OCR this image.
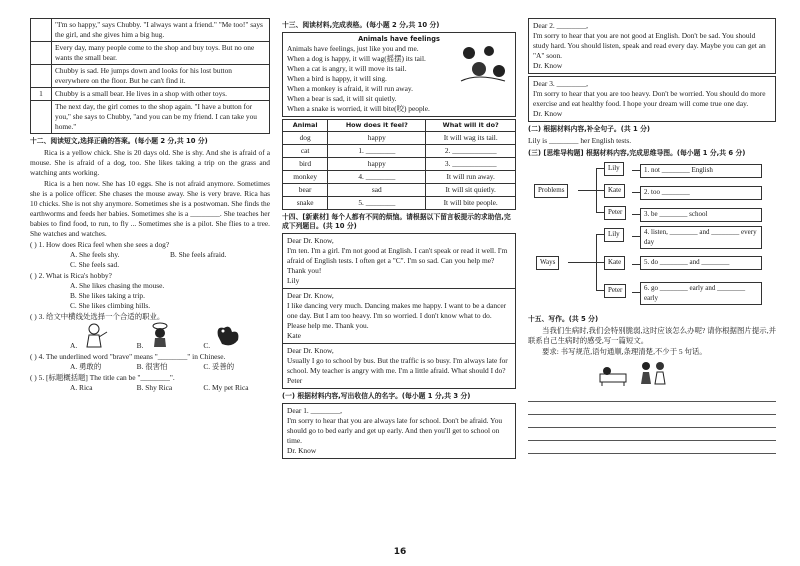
	"I'm so happy," says Chubby. "I always want a friend." "Me too!" says the girl, and she gives him a big hug.
	Every day, many people come to the shop and buy toys. But no one wants the small bear.
	Chubby is sad. He jumps down and looks for his lost button everywhere on the floor. But he can't find it.
1	Chubby is a small bear. He lives in a shop with other toys.
	The next day, the girl comes to the shop again. "I have a button for you," she says to Chubby, "and you can be my friend. I can take you home."
十二、阅读短文,选择正确的答案。(每小题 2 分,共 10 分)

Rica is a yellow chick. She is 20 days old. She is shy. And she is afraid of a mouse. She is afraid of a dog, too. She likes taking a trip on the grass and watching ants working.

Rica is a hen now. She has 10 eggs. She is not afraid anymore. Sometimes she is a police officer. She chases the mouse away. She is very brave. Rica has 10 chicks. She is not shy anymore. Sometimes she is a postwoman. She finds the earthworms and feeds her babies. Sometimes she is a ________. She teaches her babies to find food, to run, to fly ... Sometimes she is a pilot. She flies to a tree. She watches and watches.

( ) 1. How does Rica feel when she sees a dog?

A. She feels shy.	B. She feels afraid.
C. She feels sad.

( ) 2. What is Rica's hobby?

A. She likes chasing the mouse.
B. She likes taking a trip.
C. She likes climbing hills.

( ) 3. 给文中横线处选择一个合适的职业。

A.	B.	C.

( ) 4. The underlined word "brave" means "________" in Chinese.

A. 勇敢的	B. 很害怕	C. 妥善的

( ) 5. [标题概括题] The title can be "________".

A. Rica	B. Shy Rica	C. My pet Rica
十三、阅读材料,完成表格。(每小题 2 分,共 10 分)

Animals have feelings

Animals have feelings, just like you and me.

When a dog is happy, it will wag(摇摆) its tail.

When a cat is angry, it will move its tail.

When a bird is happy, it will sing.

When a monkey is afraid, it will run away.

When a bear is sad, it will sit quietly.

When a snake is worried, it will bite(咬) people.

Animal	How does it feel?	What will it do?
dog	happy	It will wag its tail.
cat	1. ________	2. ____________
bird	happy	3. ____________
monkey	4. ________	It will run away.
bear	sad	It will sit quietly.
snake	5. ________	It will bite people.
十四、[新素材] 每个人都有不同的烦恼。请根据以下留言板提示的求助信,完成下列题目。(共 10 分)
Dear Dr. Know,
I'm ten. I'm a girl. I'm not good at English. I can't speak or read it well. I'm afraid of English tests. I often get a "C". I'm so sad. Can you help me? Thank you!
Lily
Dear Dr. Know,
I like dancing very much. Dancing makes me happy. I want to be a dancer one day. But I am too heavy. I'm so worried. I don't know what to do. Please help me. Thank you.
Kate
Dear Dr. Know,
Usually I go to school by bus. But the traffic is so busy. I'm always late for school. My teacher is angry with me. I'm a little afraid. What should I do?
Peter
(一) 根据材料内容,写出收信人的名字。(每小题 1 分,共 3 分)

Dear 1. ________,
I'm sorry to hear that you are always late for school. Don't be afraid. You should go to bed early and get up early. And then you'll get to school on time.
Dr. Know

Dear 2. ________,
I'm sorry to hear that you are not good at English. Don't be sad. You should study hard. You should listen, speak and read every day. Maybe you can get an "A" soon.
Dr. Know

Dear 3. ________,
I'm sorry to hear that you are too heavy. Don't be worried. You should do more exercise and eat healthy food. I hope your dream will come true one day.
Dr. Know

(二) 根据材料内容,补全句子。(共 1 分)

Lily is ________ her English tests.

(三) [思维导构题] 根据材料内容,完成思维导图。(每小题 1 分,共 6 分)
Problems
Lily
Kate
Peter
1. not ________ English
2. too ________
3. be ________ school
Ways
Lily
Kate
Peter
4. listen, ________ and ________ every day
5. do ________ and ________
6. go ________ early and ________ early
十五、写作。(共 5 分)

当我们生病时,我们会特别脆弱,这时应该怎么办呢? 请你根据图片提示,并联系自己生病时的感受,写一篇短文。

要求: 书写规范,语句通顺,条理清楚,不少于 5 句话。

16
